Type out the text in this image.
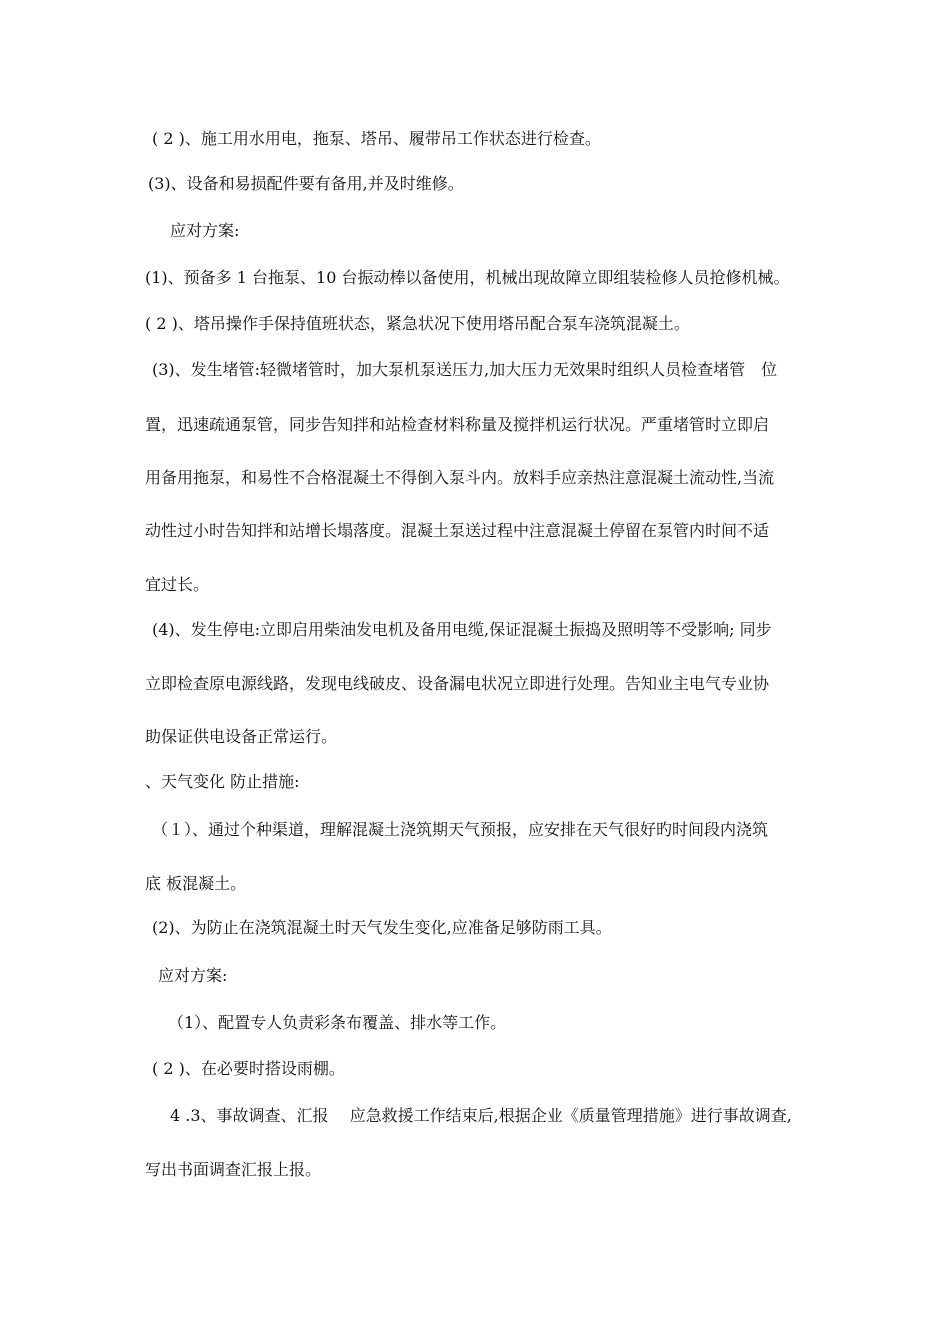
( 2 )、施工用水用电，拖泵、塔吊、履带吊工作状态进行检查。
(3)、设备和易损配件要有备用,并及时维修。
应对方案:
(1)、预备多 1 台拖泵、10 台振动棒以备使用，机械出现故障立即组装检修人员抢修机械。
( 2 )、塔吊操作手保持值班状态，紧急状况下使用塔吊配合泵车浇筑混凝土。
(3)、发生堵管:轻微堵管时，加大泵机泵送压力,加大压力无效果时组织人员检查堵管　位
置，迅速疏通泵管，同步告知拌和站检查材料称量及搅拌机运行状况。严重堵管时立即启
用备用拖泵，和易性不合格混凝土不得倒入泵斗内。放料手应亲热注意混凝土流动性,当流
动性过小时告知拌和站增长塌落度。混凝土泵送过程中注意混凝土停留在泵管内时间不适
宜过长。
(4)、发生停电:立即启用柴油发电机及备用电缆,保证混凝土振捣及照明等不受影响; 同步
立即检查原电源线路，发现电线破皮、设备漏电状况立即进行处理。告知业主电气专业协
助保证供电设备正常运行。
、天气变化 防止措施:
（１）、通过个种渠道，理解混凝土浇筑期天气预报，应安排在天气很好旳时间段内浇筑
底 板混凝土。
(2)、为防止在浇筑混凝土时天气发生变化,应准备足够防雨工具。
应对方案:
（1）、配置专人负责彩条布覆盖、排水等工作。
( 2 )、在必要时搭设雨棚。
4 .3、事故调查、汇报　 应急救援工作结束后,根据企业《质量管理措施》进行事故调查,
写出书面调查汇报上报。
